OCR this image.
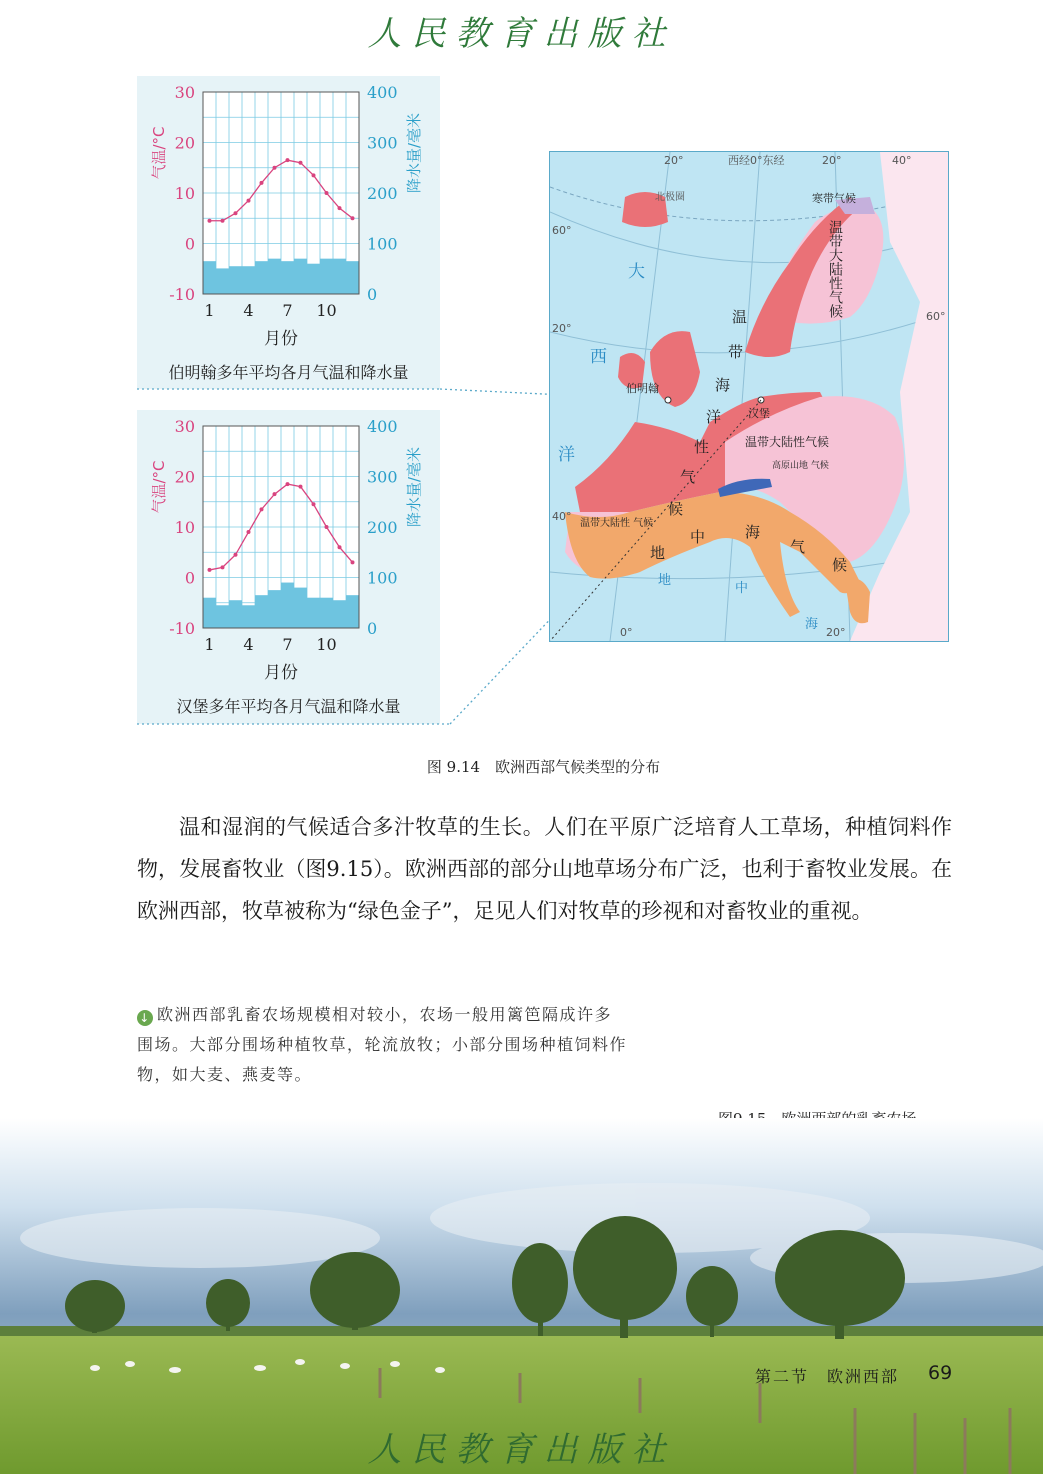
人民教育出版社
30
20
10
0
-10
400
300
200
100
0
1 4 7 10
月份
气温/°C	降水量/毫米
伯明翰多年平均各月气温和降水量
30
20
10
0
-10
400
300
200
100
0
1 4 7 10
月份
气温/°C	降水量/毫米
汉堡多年平均各月气温和降水量
20°	西经0°东经	20°	40°
60°
20°
40°
0°	20°
60°
北极圈
大
西
洋
地
中
海
寒带气候
温带大陆性气候
温带大陆性 气候
高原山地 气候
伯明翰
汉堡
温带大陆性气候
温
带
海
洋
性
气
候
地
中	海
气
候
图 9.14　欧洲西部气候类型的分布

温和湿润的气候适合多汁牧草的生长。人们在平原广泛培育人工草场，种植饲料作物，发展畜牧业（图9.15）。欧洲西部的部分山地草场分布广泛，也利于畜牧业发展。在欧洲西部，牧草被称为“绿色金子”，足见人们对牧草的珍视和对畜牧业的重视。

↓ 欧洲西部乳畜农场规模相对较小，农场一般用篱笆隔成许多围场。大部分围场种植牧草，轮流放牧；小部分围场种植饲料作物，如大麦、燕麦等。
第二节　欧洲西部 69
人民教育出版社
